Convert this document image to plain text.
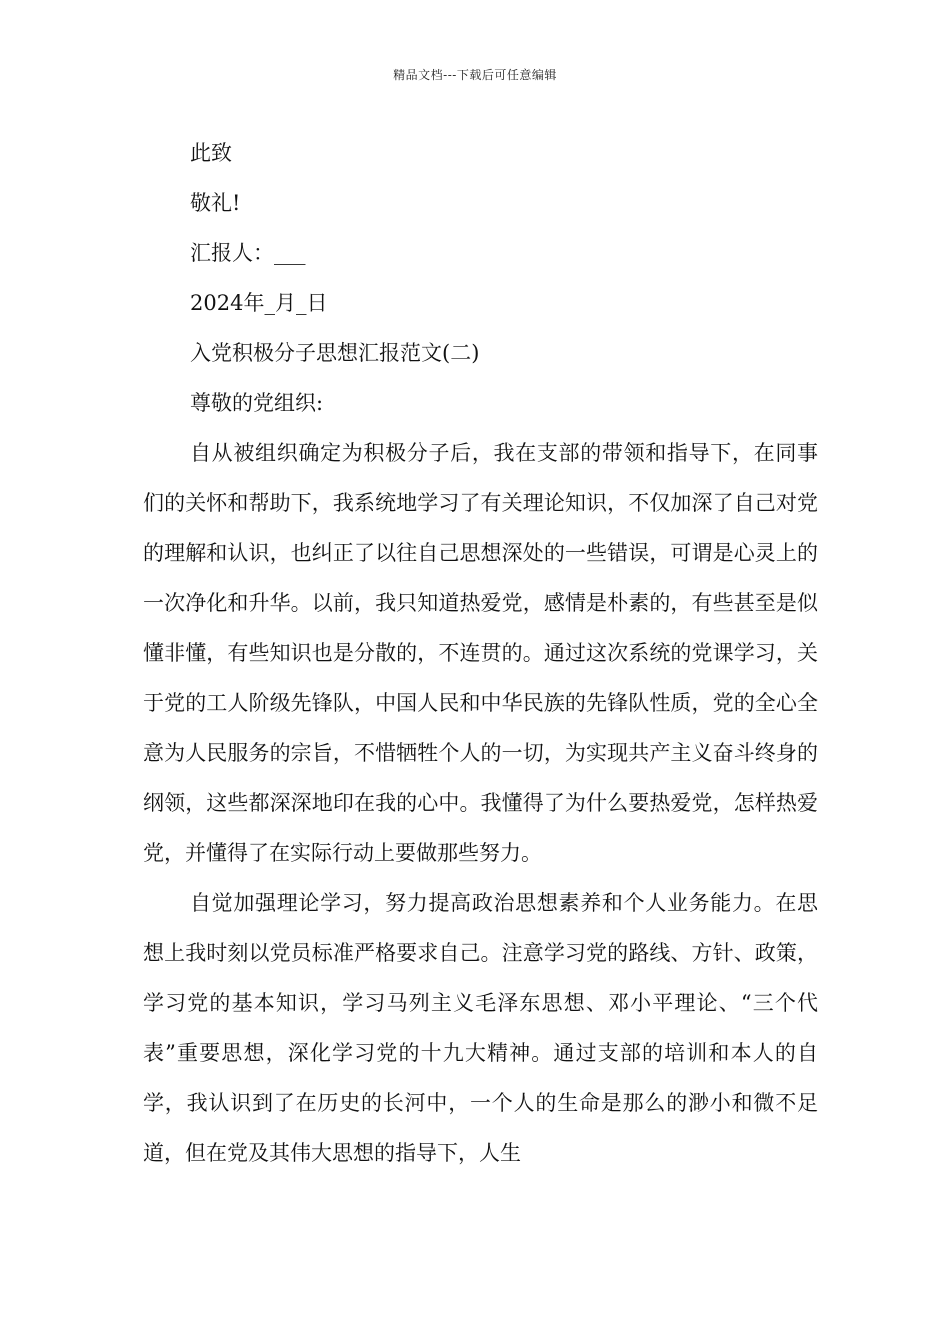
精品文档---下载后可任意编辑
此致
敬礼!
汇报人：___
2024年_月_日
入党积极分子思想汇报范文(二)
尊敬的党组织:

自从被组织确定为积极分子后，我在支部的带领和指导下，在同事们的关怀和帮助下，我系统地学习了有关理论知识，不仅加深了自己对党的理解和认识，也纠正了以往自己思想深处的一些错误，可谓是心灵上的一次净化和升华。以前，我只知道热爱党，感情是朴素的，有些甚至是似懂非懂，有些知识也是分散的，不连贯的。通过这次系统的党课学习，关于党的工人阶级先锋队，中国人民和中华民族的先锋队性质，党的全心全意为人民服务的宗旨，不惜牺牲个人的一切，为实现共产主义奋斗终身的纲领，这些都深深地印在我的心中。我懂得了为什么要热爱党，怎样热爱党，并懂得了在实际行动上要做那些努力。

自觉加强理论学习，努力提高政治思想素养和个人业务能力。在思想上我时刻以党员标准严格要求自己。注意学习党的路线、方针、政策，学习党的基本知识，学习马列主义毛泽东思想、邓小平理论、“三个代表”重要思想，深化学习党的十九大精神。通过支部的培训和本人的自学，我认识到了在历史的长河中，一个人的生命是那么的渺小和微不足道，但在党及其伟大思想的指导下，人生
